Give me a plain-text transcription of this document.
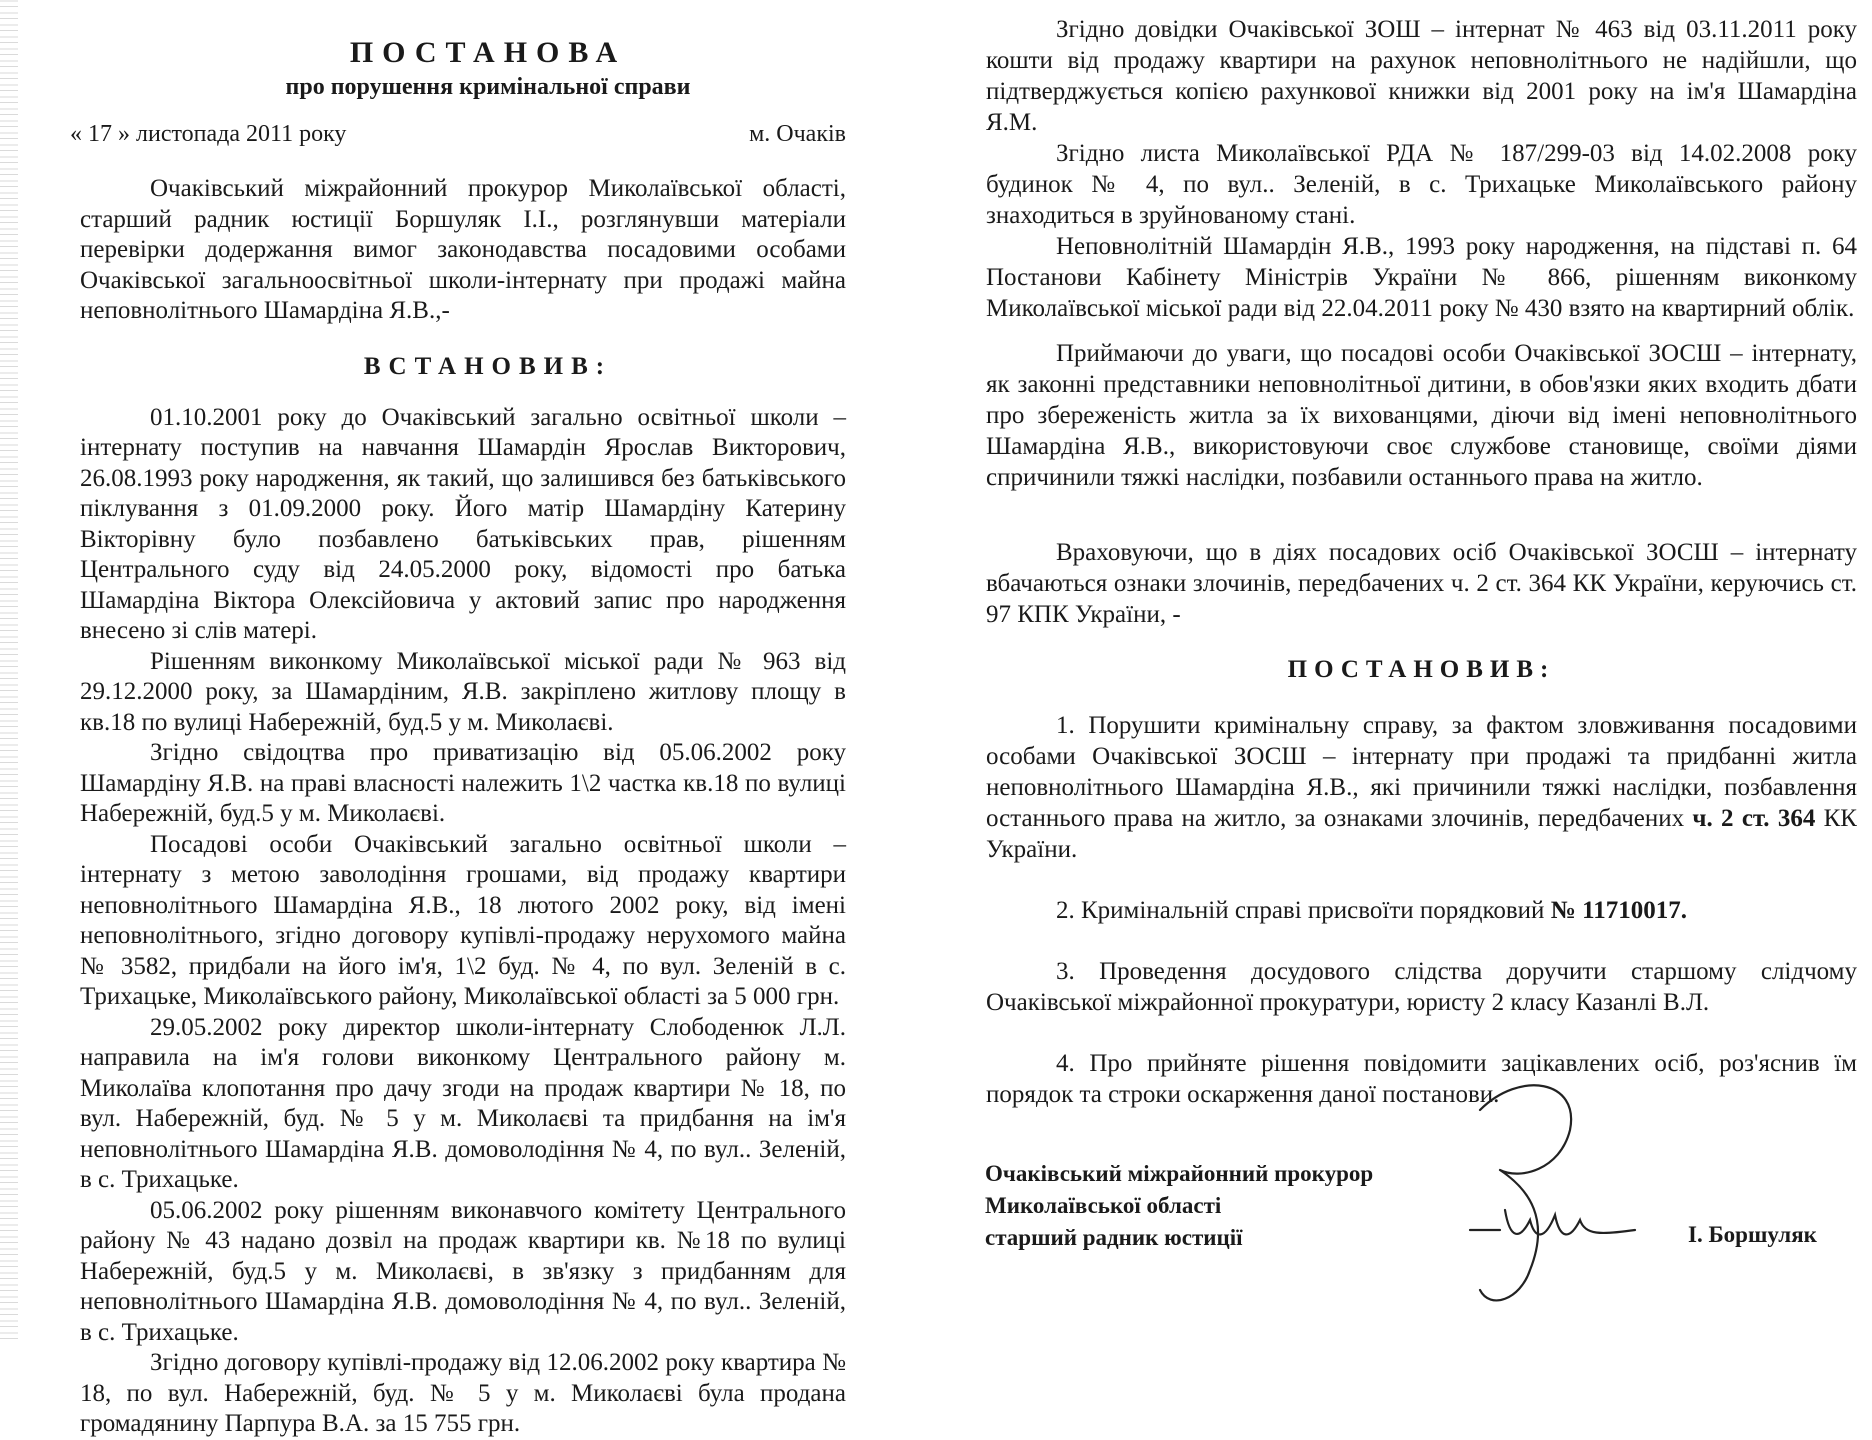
ПОСТАНОВА
про порушення кримінальної справи
« 17 » листопада 2011 року	м. Очаків

Очаківський міжрайонний прокурор Миколаївської області, старший радник юстиції Боршуляк І.І., розглянувши матеріали перевірки додержання вимог законодавства посадовими особами Очаківської загальноосвітньої школи-інтернату при продажі майна неповнолітнього Шамардіна Я.В.,-

ВСТАНОВИВ:

01.10.2001 року до Очаківський загально освітньої школи – інтернату поступив на навчання Шамардін Ярослав Викторович, 26.08.1993 року народження, як такий, що залишився без батьківського піклування з 01.09.2000 року. Його матір Шамардіну Катерину Вікторівну було позбавлено батьківських прав, рішенням Центрального суду від 24.05.2000 року, відомості про батька Шамардіна Віктора Олексійовича у актовий запис про народження внесено зі слів матері.

Рішенням виконкому Миколаївської міської ради № 963 від 29.12.2000 року, за Шамардіним, Я.В. закріплено житлову площу в кв.18 по вулиці Набережній, буд.5 у м. Миколаєві.

Згідно свідоцтва про приватизацію від 05.06.2002 року Шамардіну Я.В. на праві власності належить 1\2 частка кв.18 по вулиці Набережній, буд.5 у м. Миколаєві.

Посадові особи Очаківський загально освітньої школи – інтернату з метою заволодіння грошами, від продажу квартири неповнолітнього Шамардіна Я.В., 18 лютого 2002 року, від імені неповнолітнього, згідно договору купівлі-продажу нерухомого майна № 3582, придбали на його ім'я, 1\2 буд. № 4, по вул. Зеленій в с. Трихацьке, Миколаївського району, Миколаївської області за 5 000 грн.

29.05.2002 року директор школи-інтернату Слободенюк Л.Л. направила на ім'я голови виконкому Центрального району м. Миколаїва клопотання про дачу згоди на продаж квартири № 18, по вул. Набережній, буд. № 5 у м. Миколаєві та придбання на ім'я неповнолітнього Шамардіна Я.В. домоволодіння № 4, по вул.. Зеленій, в с. Трихацьке.

05.06.2002 року рішенням виконавчого комітету Центрального району № 43 надано дозвіл на продаж квартири кв. №18 по вулиці Набережній, буд.5 у м. Миколаєві, в зв'язку з придбанням для неповнолітнього Шамардіна Я.В. домоволодіння № 4, по вул.. Зеленій, в с. Трихацьке.

Згідно договору купівлі-продажу від 12.06.2002 року квартира № 18, по вул. Набережній, буд. № 5 у м. Миколаєві була продана громадянину Парпура В.А. за 15 755 грн.

Згідно довідки Очаківської ЗОШ – інтернат № 463 від 03.11.2011 року кошти від продажу квартири на рахунок неповнолітнього не надійшли, що підтверджується копією рахункової книжки від 2001 року на ім'я Шамардіна Я.М.

Згідно листа Миколаївської РДА № 187/299-03 від 14.02.2008 року будинок № 4, по вул.. Зеленій, в с. Трихацьке Миколаївського району знаходиться в зруйнованому стані.

Неповнолітній Шамардін Я.В., 1993 року народження, на підставі п. 64 Постанови Кабінету Міністрів України № 866, рішенням виконкому Миколаївської міської ради від 22.04.2011 року № 430 взято на квартирний облік.

Приймаючи до уваги, що посадові особи Очаківської ЗОСШ – інтернату, як законні представники неповнолітньої дитини, в обов'язки яких входить дбати про збереженість житла за їх вихованцями, діючи від імені неповнолітнього Шамардіна Я.В., використовуючи своє службове становище, своїми діями спричинили тяжкі наслідки, позбавили останнього права на житло.

Враховуючи, що в діях посадових осіб Очаківської ЗОСШ – інтернату вбачаються ознаки злочинів, передбачених ч. 2 ст. 364 КК України, керуючись ст. 97 КПК України, -

ПОСТАНОВИВ:

1. Порушити кримінальну справу, за фактом зловживання посадовими особами Очаківської ЗОСШ – інтернату при продажі та придбанні житла неповнолітнього Шамардіна Я.В., які причинили тяжкі наслідки, позбавлення останнього права на житло, за ознаками злочинів, передбачених ч. 2 ст. 364 КК України.

2. Кримінальній справі присвоїти порядковий № 11710017.

3. Проведення досудового слідства доручити старшому слідчому Очаківської міжрайонної прокуратури, юристу 2 класу Казанлі В.Л.

4. Про прийняте рішення повідомити зацікавлених осіб, роз'яснив їм порядок та строки оскарження даної постанови.

Очаківський міжрайонний прокурор
Миколаївської області
старший радник юстиції	І. Боршуляк
